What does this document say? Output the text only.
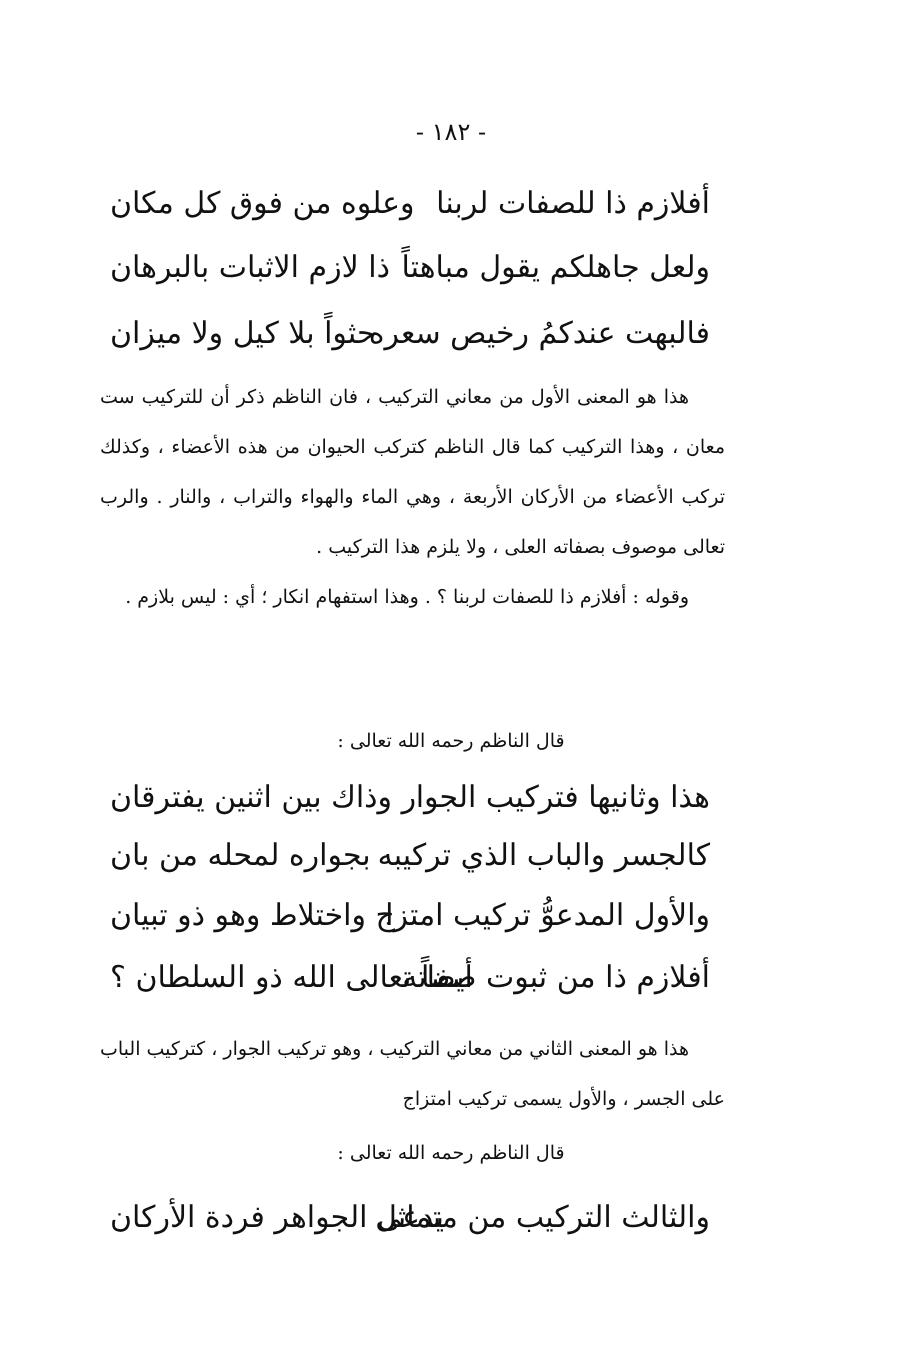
- ١٨٢ -
أفلازم ذا للصفات لربنا
وعلوه من فوق كل مكان
ولعل جاهلكم يقول مباهتاً
ذا لازم الاثبات بالبرهان
فالبهت عندكمُ رخيص سعره
حثواً بلا كيل ولا ميزان

هذا هو المعنى الأول من معاني التركيب ، فان الناظم ذكر أن للتركيب ست معان ، وهذا التركيب كما قال الناظم كتركب الحيوان من هذه الأعضاء ، وكذلك تركب الأعضاء من الأركان الأربعة ، وهي الماء والهواء والتراب ، والنار . والرب تعالى موصوف بصفاته العلى ، ولا يلزم هذا التركيب .

وقوله : أفلازم ذا للصفات لربنا ؟ . وهذا استفهام انكار ؛ أي : ليس بلازم .

قال الناظم رحمه الله تعالى :
هذا وثانيها فتركيب الجوا
ر وذاك بين اثنين يفترقان
كالجسر والباب الذي تركيبه
بجواره لمحله من بان
والأول المدعوُّ تركيب امتزا
ج واختلاط وهو ذو تبيان
أفلازم ذا من ثبوت صفاته
أيضاً تعالى الله ذو السلطان ؟

هذا هو المعنى الثاني من معاني التركيب ، وهو تركيب الجوار ، كتركيب الباب على الجسر ، والأول يسمى تركيب امتزاج

قال الناظم رحمه الله تعالى :
والثالث التركيب من متماثل
يدعى الجواهر فردة الأركان
